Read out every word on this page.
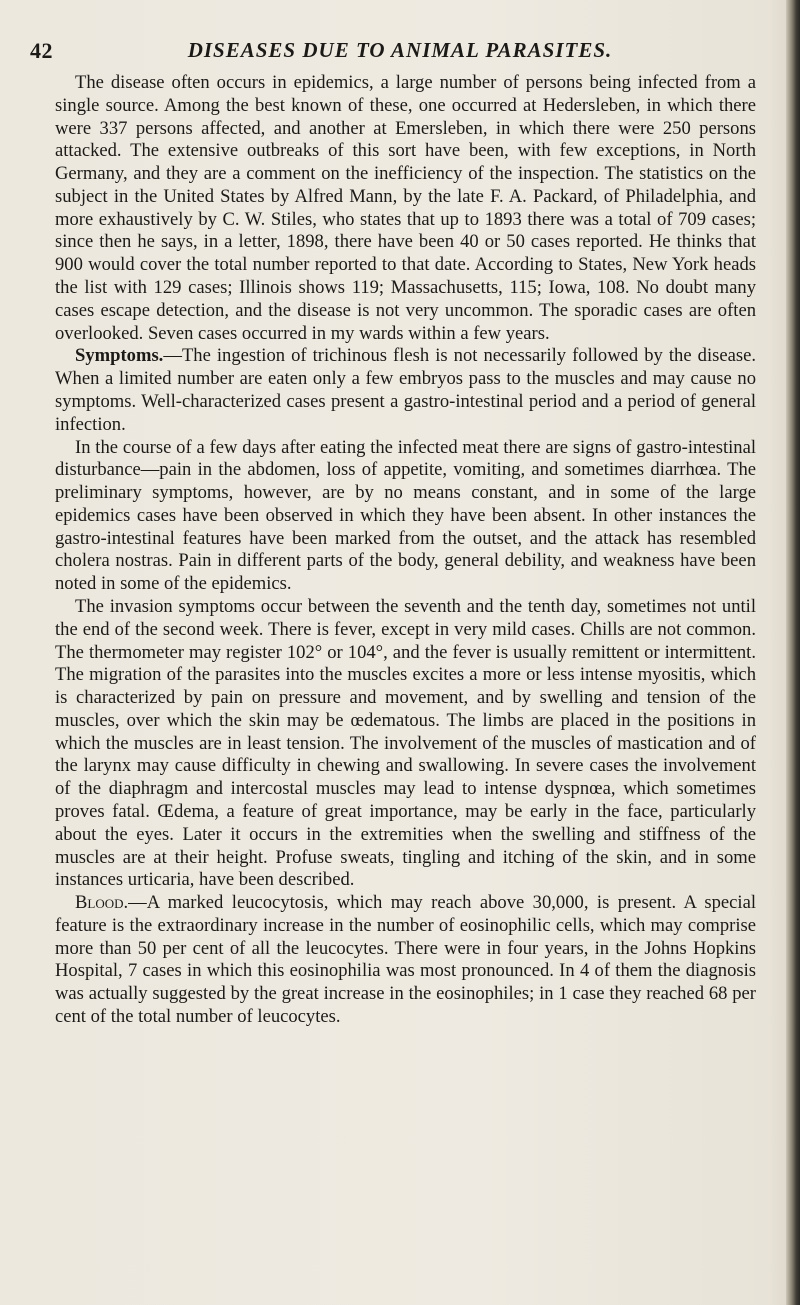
42	DISEASES DUE TO ANIMAL PARASITES.

The disease often occurs in epidemics, a large number of persons being infected from a single source. Among the best known of these, one occurred at Hedersleben, in which there were 337 persons affected, and another at Emersleben, in which there were 250 persons attacked. The extensive outbreaks of this sort have been, with few exceptions, in North Germany, and they are a comment on the inefficiency of the inspection. The statistics on the subject in the United States by Alfred Mann, by the late F. A. Packard, of Philadelphia, and more exhaustively by C. W. Stiles, who states that up to 1893 there was a total of 709 cases; since then he says, in a letter, 1898, there have been 40 or 50 cases reported. He thinks that 900 would cover the total number reported to that date. According to States, New York heads the list with 129 cases; Illinois shows 119; Massachusetts, 115; Iowa, 108. No doubt many cases escape detection, and the disease is not very uncommon. The sporadic cases are often overlooked. Seven cases occurred in my wards within a few years.

Symptoms.—The ingestion of trichinous flesh is not necessarily followed by the disease. When a limited number are eaten only a few embryos pass to the muscles and may cause no symptoms. Well-characterized cases present a gastro-intestinal period and a period of general infection.

In the course of a few days after eating the infected meat there are signs of gastro-intestinal disturbance—pain in the abdomen, loss of appetite, vomiting, and sometimes diarrhœa. The preliminary symptoms, however, are by no means constant, and in some of the large epidemics cases have been observed in which they have been absent. In other instances the gastro-intestinal features have been marked from the outset, and the attack has resembled cholera nostras. Pain in different parts of the body, general debility, and weakness have been noted in some of the epidemics.

The invasion symptoms occur between the seventh and the tenth day, sometimes not until the end of the second week. There is fever, except in very mild cases. Chills are not common. The thermometer may register 102° or 104°, and the fever is usually remittent or intermittent. The migration of the parasites into the muscles excites a more or less intense myositis, which is characterized by pain on pressure and movement, and by swelling and tension of the muscles, over which the skin may be œdematous. The limbs are placed in the positions in which the muscles are in least tension. The involvement of the muscles of mastication and of the larynx may cause difficulty in chewing and swallowing. In severe cases the involvement of the diaphragm and intercostal muscles may lead to intense dyspnœa, which sometimes proves fatal. Œdema, a feature of great importance, may be early in the face, particularly about the eyes. Later it occurs in the extremities when the swelling and stiffness of the muscles are at their height. Profuse sweats, tingling and itching of the skin, and in some instances urticaria, have been described.

Blood.—A marked leucocytosis, which may reach above 30,000, is present. A special feature is the extraordinary increase in the number of eosinophilic cells, which may comprise more than 50 per cent of all the leucocytes. There were in four years, in the Johns Hopkins Hospital, 7 cases in which this eosinophilia was most pronounced. In 4 of them the diagnosis was actually suggested by the great increase in the eosinophiles; in 1 case they reached 68 per cent of the total number of leucocytes.
